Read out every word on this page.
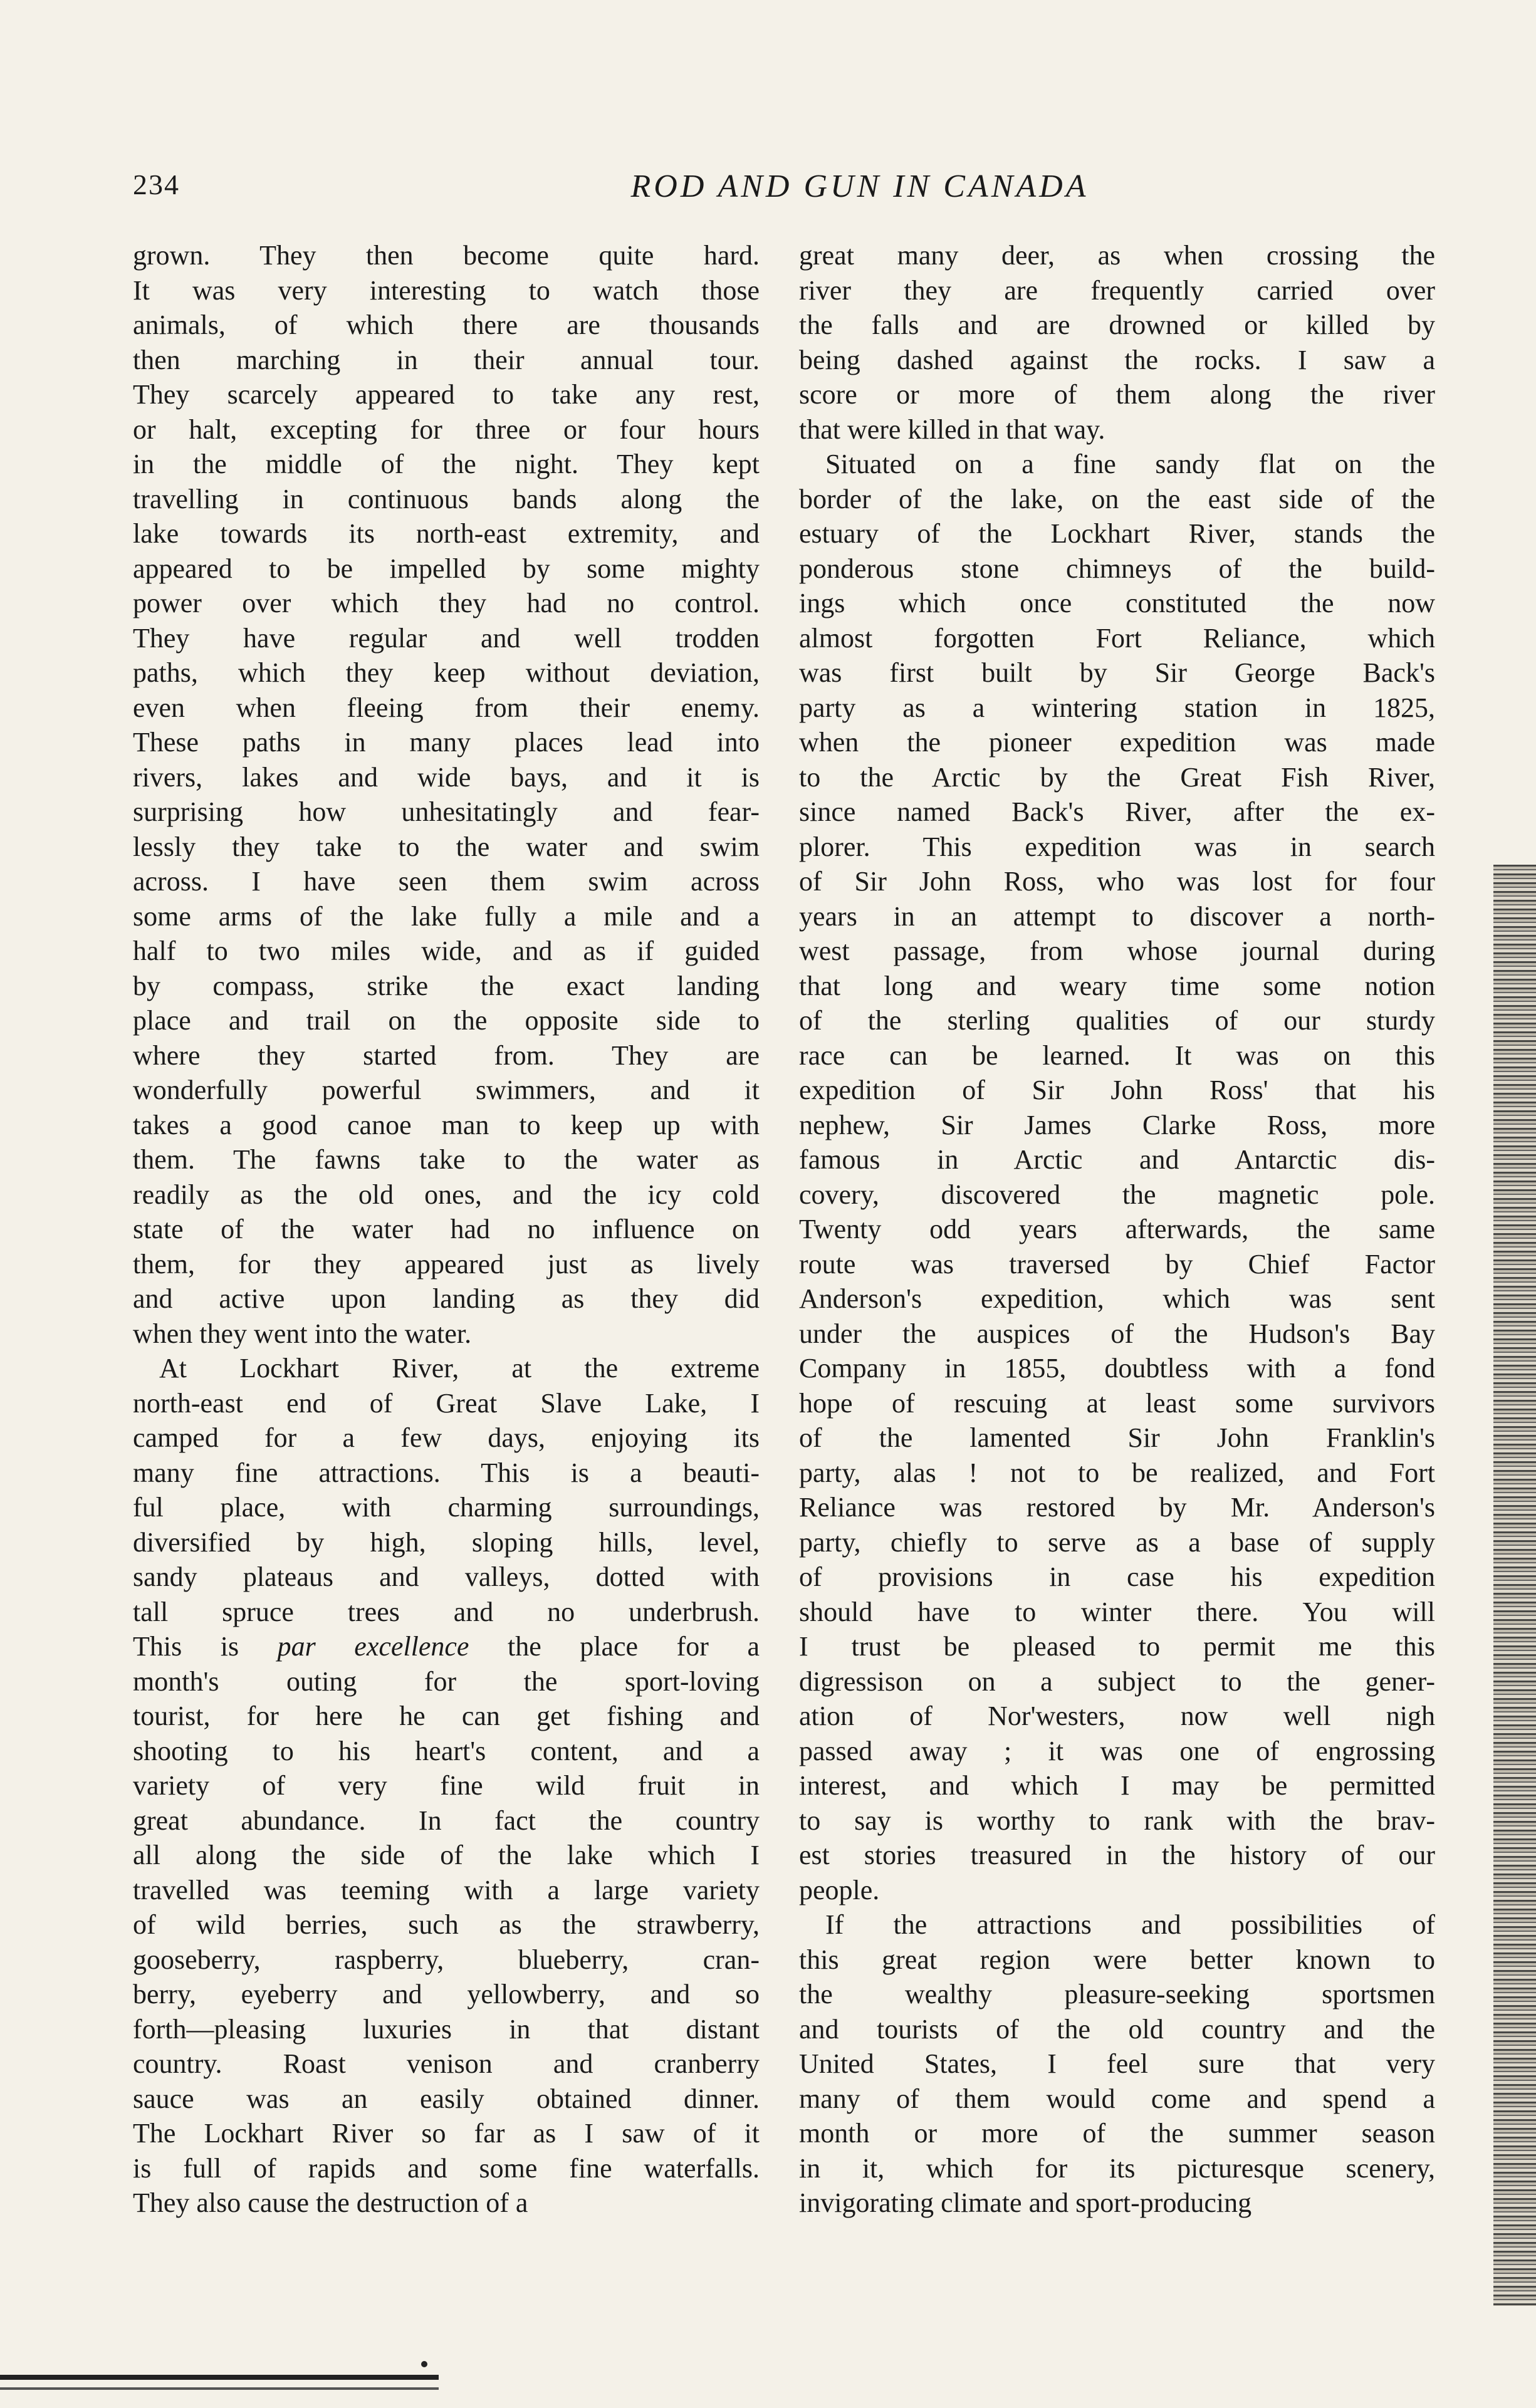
234	ROD AND GUN IN CANADA

grown. They then become quite hard.
It was very interesting to watch those
animals, of which there are thousands
then marching in their annual tour.
They scarcely appeared to take any rest,
or halt, excepting for three or four hours
in the middle of the night. They kept
travelling in continuous bands along the
lake towards its north-east extremity, and
appeared to be impelled by some mighty
power over which they had no control.
They have regular and well trodden
paths, which they keep without deviation,
even when fleeing from their enemy.
These paths in many places lead into
rivers, lakes and wide bays, and it is
surprising how unhesitatingly and fear-
lessly they take to the water and swim
across. I have seen them swim across
some arms of the lake fully a mile and a
half to two miles wide, and as if guided
by compass, strike the exact landing
place and trail on the opposite side to
where they started from. They are
wonderfully powerful swimmers, and it
takes a good canoe man to keep up with
them. The fawns take to the water as
readily as the old ones, and the icy cold
state of the water had no influence on
them, for they appeared just as lively
and active upon landing as they did
when they went into the water.

At Lockhart River, at the extreme
north-east end of Great Slave Lake, I
camped for a few days, enjoying its
many fine attractions. This is a beauti-
ful place, with charming surroundings,
diversified by high, sloping hills, level,
sandy plateaus and valleys, dotted with
tall spruce trees and no underbrush.
This is par excellence the place for a
month's outing for the sport-loving
tourist, for here he can get fishing and
shooting to his heart's content, and a
variety of very fine wild fruit in
great abundance. In fact the country
all along the side of the lake which I
travelled was teeming with a large variety
of wild berries, such as the strawberry,
gooseberry, raspberry, blueberry, cran-
berry, eyeberry and yellowberry, and so
forth—pleasing luxuries in that distant
country. Roast venison and cranberry
sauce was an easily obtained dinner.
The Lockhart River so far as I saw of it
is full of rapids and some fine waterfalls.
They also cause the destruction of a

great many deer, as when crossing the
river they are frequently carried over
the falls and are drowned or killed by
being dashed against the rocks. I saw a
score or more of them along the river
that were killed in that way.

Situated on a fine sandy flat on the
border of the lake, on the east side of the
estuary of the Lockhart River, stands the
ponderous stone chimneys of the build-
ings which once constituted the now
almost forgotten Fort Reliance, which
was first built by Sir George Back's
party as a wintering station in 1825,
when the pioneer expedition was made
to the Arctic by the Great Fish River,
since named Back's River, after the ex-
plorer. This expedition was in search
of Sir John Ross, who was lost for four
years in an attempt to discover a north-
west passage, from whose journal during
that long and weary time some notion
of the sterling qualities of our sturdy
race can be learned. It was on this
expedition of Sir John Ross' that his
nephew, Sir James Clarke Ross, more
famous in Arctic and Antarctic dis-
covery, discovered the magnetic pole.
Twenty odd years afterwards, the same
route was traversed by Chief Factor
Anderson's expedition, which was sent
under the auspices of the Hudson's Bay
Company in 1855, doubtless with a fond
hope of rescuing at least some survivors
of the lamented Sir John Franklin's
party, alas ! not to be realized, and Fort
Reliance was restored by Mr. Anderson's
party, chiefly to serve as a base of supply
of provisions in case his expedition
should have to winter there. You will
I trust be pleased to permit me this
digressison on a subject to the gener-
ation of Nor'westers, now well nigh
passed away ; it was one of engrossing
interest, and which I may be permitted
to say is worthy to rank with the brav-
est stories treasured in the history of our
people.

If the attractions and possibilities of
this great region were better known to
the wealthy pleasure-seeking sportsmen
and tourists of the old country and the
United States, I feel sure that very
many of them would come and spend a
month or more of the summer season
in it, which for its picturesque scenery,
invigorating climate and sport-producing
